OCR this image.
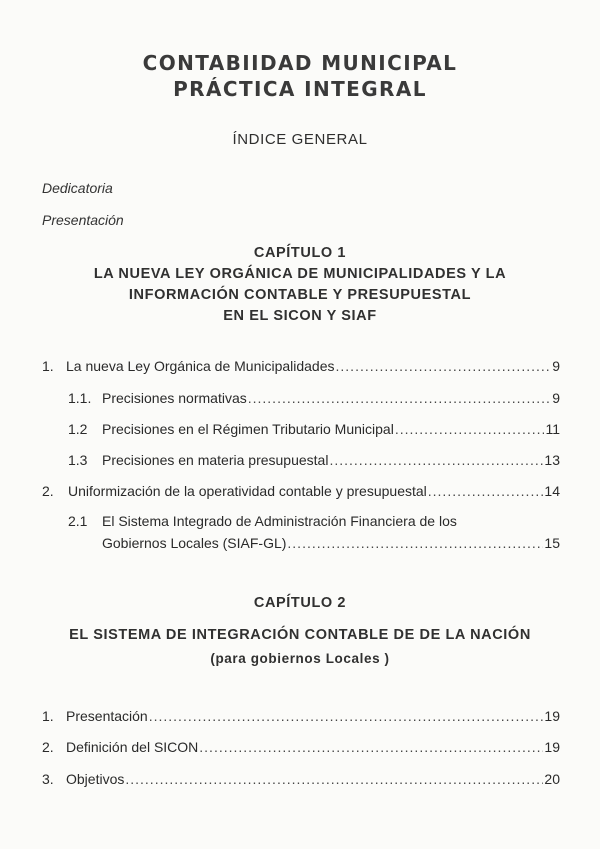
CONTABIIDAD MUNICIPAL
PRÁCTICA INTEGRAL
ÍNDICE GENERAL
Dedicatoria
Presentación
CAPÍTULO 1
LA NUEVA LEY ORGÁNICA DE MUNICIPALIDADES Y LA
INFORMACIÓN CONTABLE Y PRESUPUESTAL
EN EL SICON Y SIAF
1. La nueva Ley Orgánica de Municipalidades .....	9
1.1. Precisiones normativas .....	9
1.2	Precisiones en el Régimen Tributario Municipal .....	11
1.3	Precisiones en materia presupuestal .....	13
2.	Uniformización de la operatividad contable y presupuestal .....	14
2.1 El Sistema Integrado de Administración Financiera de los
Gobiernos Locales (SIAF-GL) .....	15
CAPÍTULO 2
EL SISTEMA DE INTEGRACIÓN CONTABLE DE DE LA NACIÓN
(para gobiernos Locales )
1. Presentación .....	19
2. Definición del SICON .....	19
3. Objetivos .....	20
